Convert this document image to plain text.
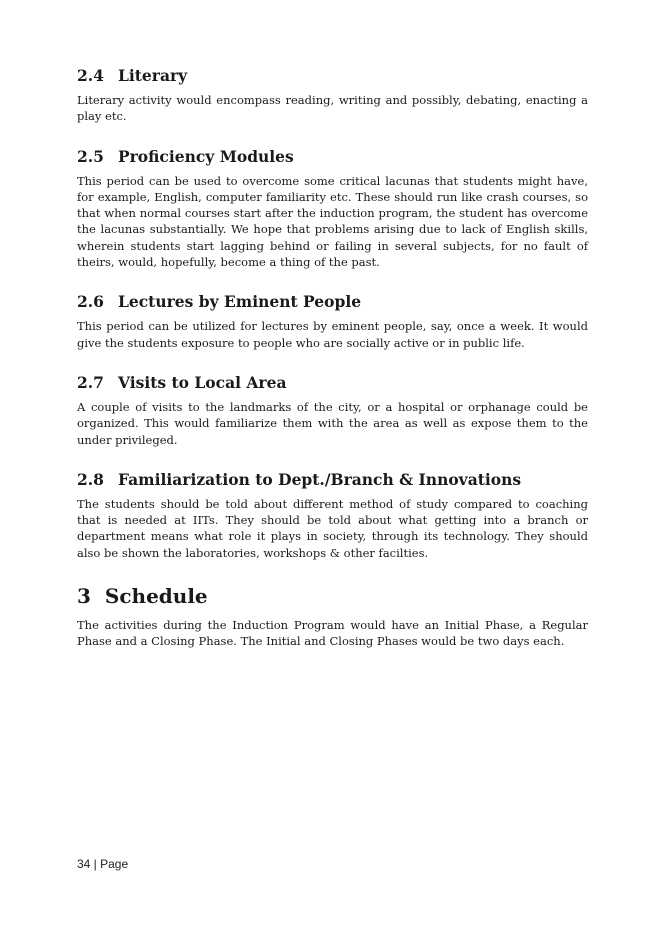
2.4 Literary

Literary activity would encompass reading, writing and possibly, debating, enacting a play etc.

2.5 Proficiency Modules

This period can be used to overcome some critical lacunas that students might have, for example, English, computer familiarity etc. These should run like crash courses, so that when normal courses start after the induction program, the student has overcome the lacunas substantially. We hope that problems arising due to lack of English skills, wherein students start lagging behind or failing in several subjects, for no fault of theirs, would, hopefully, become a thing of the past.

2.6 Lectures by Eminent People

This period can be utilized for lectures by eminent people, say, once a week. It would give the students exposure to people who are socially active or in public life.

2.7 Visits to Local Area

A couple of visits to the landmarks of the city, or a hospital or orphanage could be organized. This would familiarize them with the area as well as expose them to the under privileged.

2.8 Familiarization to Dept./Branch & Innovations

The students should be told about different method of study compared to coaching that is needed at IITs. They should be told about what getting into a branch or department means what role it plays in society, through its technology. They should also be shown the laboratories, workshops & other facilties.

3 Schedule

The activities during the Induction Program would have an Initial Phase, a Regular Phase and a Closing Phase. The Initial and Closing Phases would be two days each.

34 | Page
